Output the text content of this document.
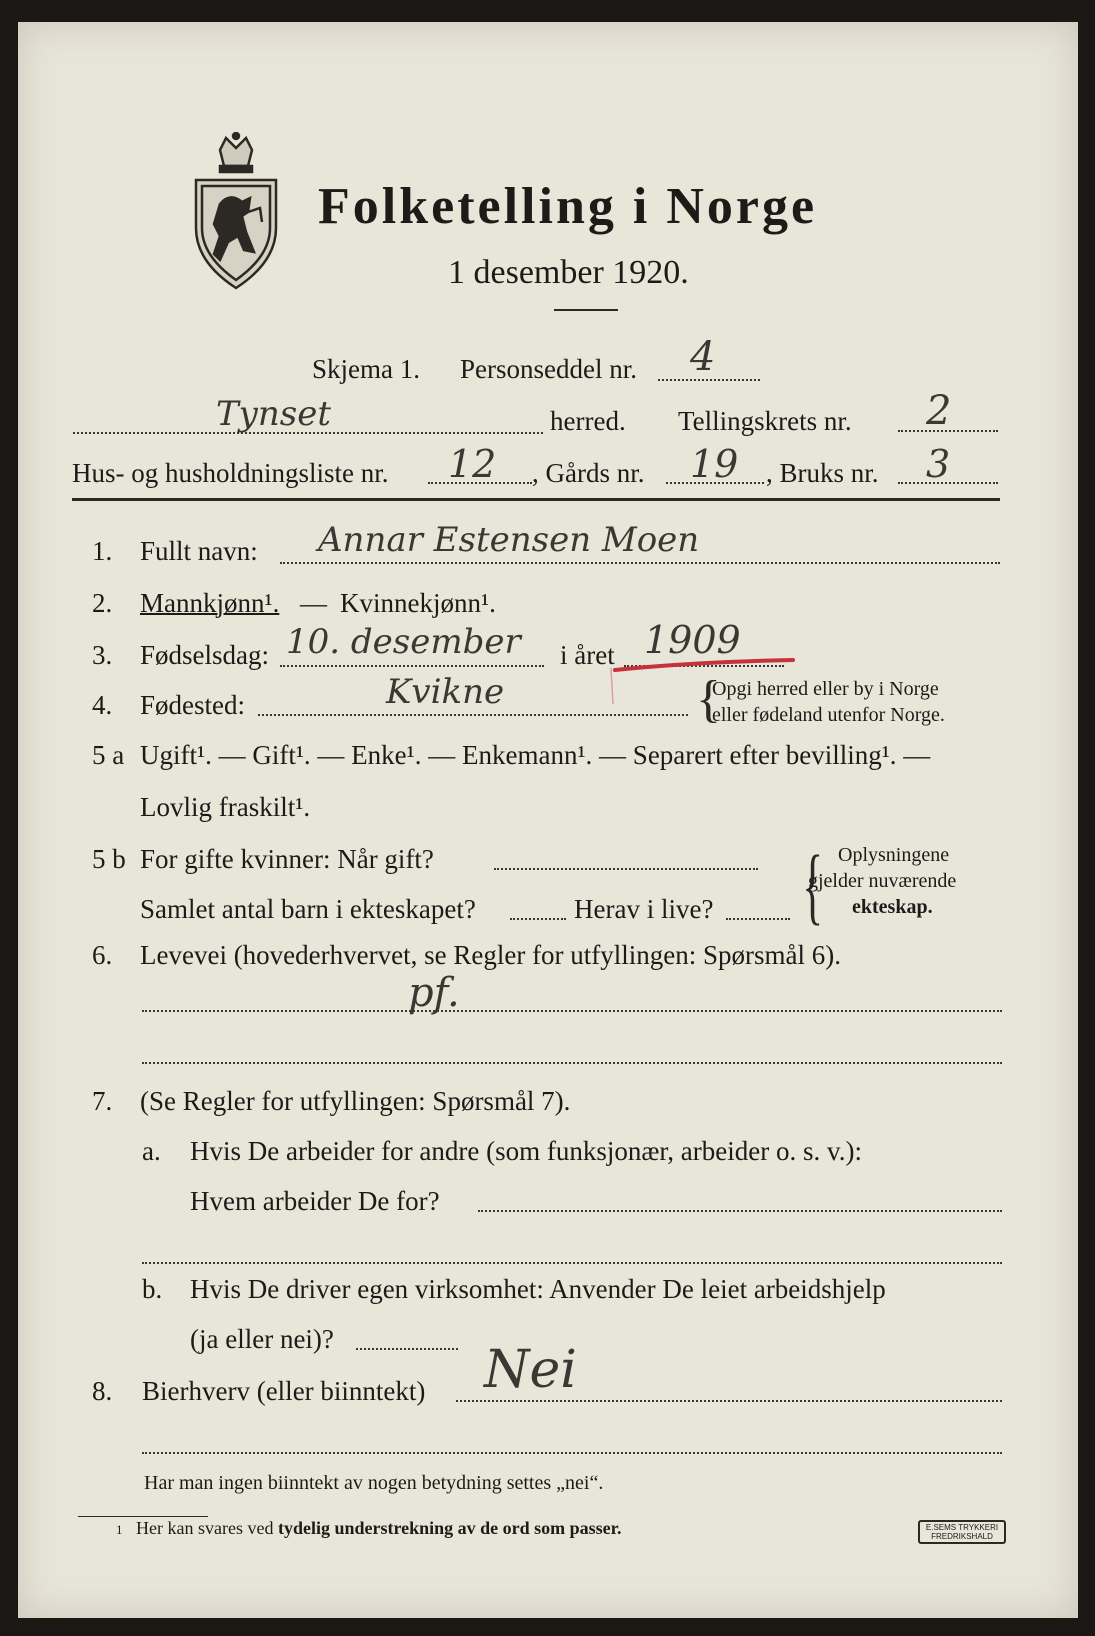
Folketelling i Norge
1 desember 1920.
Skjema 1. Personseddel nr. 4
Tynset	herred. Tellingskrets nr. 2
Hus- og husholdningsliste nr. 12 , Gårds nr. 19 , Bruks nr. 3
1. Fullt navn: Annar Estensen Moen
2. Mannkjønn¹. — Kvinnekjønn¹.
3. Fødselsdag: 10. desember i året 1909
4. Fødested:	Kvikne	{
Opgi herred eller by i Norge
eller fødeland utenfor Norge.
5 a Ugift¹. — Gift¹. — Enke¹. — Enkemann¹. — Separert efter bevilling¹. —
Lovlig fraskilt¹.
5 b For gifte kvinner: Når gift?
Samlet antal barn i ekteskapet?	Herav i live? { Oplysningene
gjelder nuværende
ekteskap.
6. Levevei (hovederhvervet, se Regler for utfyllingen: Spørsmål 6).
pf.
7. (Se Regler for utfyllingen: Spørsmål 7).
a. Hvis De arbeider for andre (som funksjonær, arbeider o. s. v.):
Hvem arbeider De for?
b. Hvis De driver egen virksomhet: Anvender De leiet arbeidshjelp
(ja eller nei)?
8. Bierhverv (eller biinntekt) Nei
Har man ingen biinntekt av nogen betydning settes „nei“.
1 Her kan svares ved tydelig understrekning av de ord som passer.	E.SEMS TRYKKERI
FREDRIKSHALD
